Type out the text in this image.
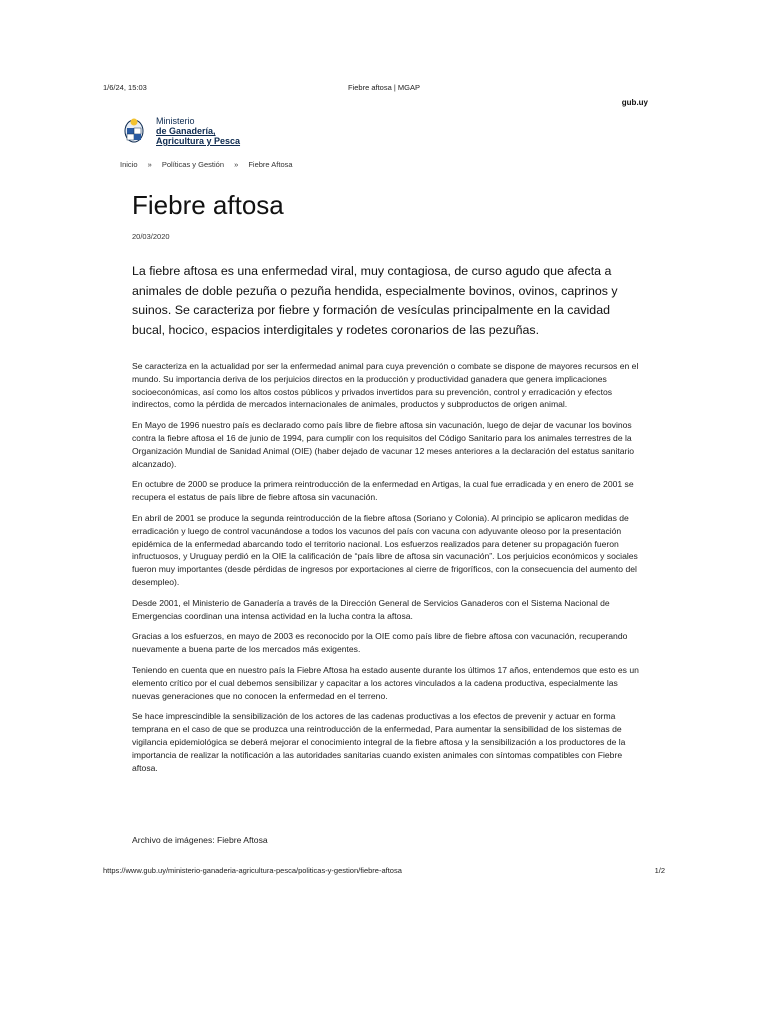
1/6/24, 15:03	Fiebre aftosa | MGAP
gub.uy
Ministerio
de Ganadería,
Agricultura y Pesca
Inicio » Políticas y Gestión » Fiebre Aftosa
Fiebre aftosa
20/03/2020

La fiebre aftosa es una enfermedad viral, muy contagiosa, de curso agudo que afecta a animales de doble pezuña o pezuña hendida, especialmente bovinos, ovinos, caprinos y suinos. Se caracteriza por fiebre y formación de vesículas principalmente en la cavidad bucal, hocico, espacios interdigitales y rodetes coronarios de las pezuñas.

Se caracteriza en la actualidad por ser la enfermedad animal para cuya prevención o combate se dispone de mayores recursos en el mundo. Su importancia deriva de los perjuicios directos en la producción y productividad ganadera que genera implicaciones socioeconómicas, así como los altos costos públicos y privados invertidos para su prevención, control y erradicación y efectos indirectos, como la pérdida de mercados internacionales de animales, productos y subproductos de origen animal.

En Mayo de 1996 nuestro país es declarado como país libre de fiebre aftosa sin vacunación, luego de dejar de vacunar los bovinos contra la fiebre aftosa el 16 de junio de 1994, para cumplir con los requisitos del Código Sanitario para los animales terrestres de la Organización Mundial de Sanidad Animal (OIE) (haber dejado de vacunar 12 meses anteriores a la declaración del estatus sanitario alcanzado).

En octubre de 2000 se produce la primera reintroducción de la enfermedad en Artigas, la cual fue erradicada y en enero de 2001 se recupera el estatus de país libre de fiebre aftosa sin vacunación.

En abril de 2001 se produce la segunda reintroducción de la fiebre aftosa (Soriano y Colonia). Al principio se aplicaron medidas de erradicación y luego de control vacunándose a todos los vacunos del país con vacuna con adyuvante oleoso por la presentación epidémica de la enfermedad abarcando todo el territorio nacional. Los esfuerzos realizados para detener su propagación fueron infructuosos, y Uruguay perdió en la OIE la calificación de “país libre de aftosa sin vacunación”. Los perjuicios económicos y sociales fueron muy importantes (desde pérdidas de ingresos por exportaciones al cierre de frigoríficos, con la consecuencia del aumento del desempleo).

Desde 2001, el Ministerio de Ganadería a través de la Dirección General de Servicios Ganaderos con el Sistema Nacional de Emergencias coordinan una intensa actividad en la lucha contra la aftosa.

Gracias a los esfuerzos, en mayo de 2003 es reconocido por la OIE como país libre de fiebre aftosa con vacunación, recuperando nuevamente a buena parte de los mercados más exigentes.

Teniendo en cuenta que en nuestro país la Fiebre Aftosa ha estado ausente durante los últimos 17 años, entendemos que esto es un elemento crítico por el cual debemos sensibilizar y capacitar a los actores vinculados a la cadena productiva, especialmente las nuevas generaciones que no conocen la enfermedad en el terreno.

Se hace imprescindible la sensibilización de los actores de las cadenas productivas a los efectos de prevenir y actuar en forma temprana en el caso de que se produzca una reintroducción de la enfermedad, Para aumentar la sensibilidad de los sistemas de vigilancia epidemiológica se deberá mejorar el conocimiento integral de la fiebre aftosa y la sensibilización a los productores de la importancia de realizar la notificación a las autoridades sanitarias cuando existen animales con síntomas compatibles con Fiebre aftosa.

Archivo de imágenes: Fiebre Aftosa
https://www.gub.uy/ministerio-ganaderia-agricultura-pesca/politicas-y-gestion/fiebre-aftosa	1/2
